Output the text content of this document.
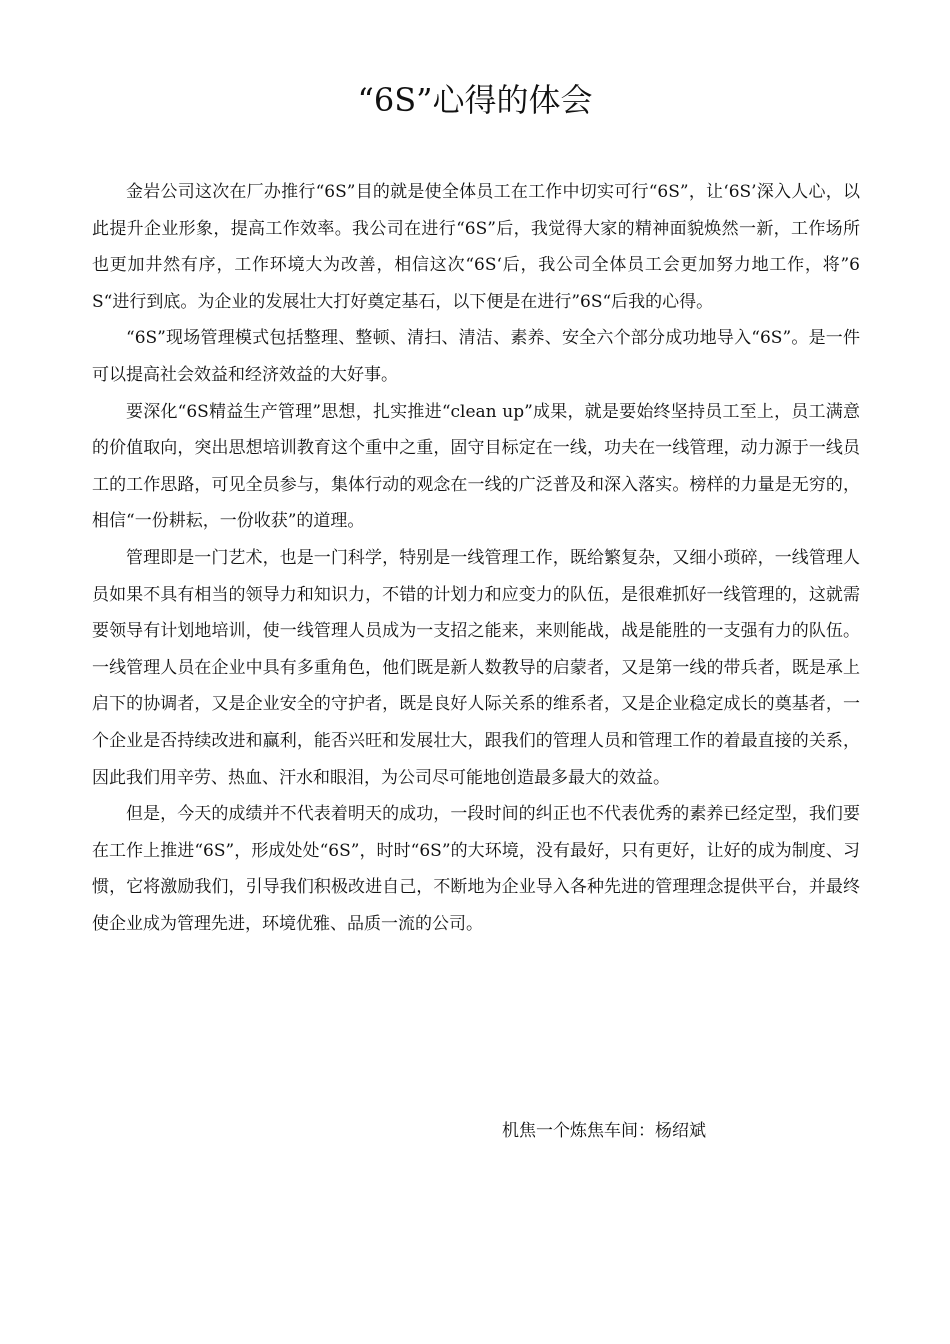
“6S”心得的体会

金岩公司这次在厂办推行“6S”目的就是使全体员工在工作中切实可行“6S”，让‘6S’深入人心，以此提升企业形象，提高工作效率。我公司在进行“6S”后，我觉得大家的精神面貌焕然一新，工作场所也更加井然有序，工作环境大为改善，相信这次“6S‘后，我公司全体员工会更加努力地工作，将”6S“进行到底。为企业的发展壮大打好奠定基石，以下便是在进行”6S“后我的心得。

“6S”现场管理模式包括整理、整顿、清扫、清洁、素养、安全六个部分成功地导入“6S”。是一件可以提高社会效益和经济效益的大好事。

要深化“6S精益生产管理”思想，扎实推进“clean up”成果，就是要始终坚持员工至上，员工满意的价值取向，突出思想培训教育这个重中之重，固守目标定在一线，功夫在一线管理，动力源于一线员工的工作思路，可见全员参与，集体行动的观念在一线的广泛普及和深入落实。榜样的力量是无穷的，相信“一份耕耘，一份收获”的道理。

管理即是一门艺术，也是一门科学，特别是一线管理工作，既给繁复杂，又细小琐碎，一线管理人员如果不具有相当的领导力和知识力，不错的计划力和应变力的队伍，是很难抓好一线管理的，这就需要领导有计划地培训，使一线管理人员成为一支招之能来，来则能战，战是能胜的一支强有力的队伍。一线管理人员在企业中具有多重角色，他们既是新人数教导的启蒙者，又是第一线的带兵者，既是承上启下的协调者，又是企业安全的守护者，既是良好人际关系的维系者，又是企业稳定成长的奠基者，一个企业是否持续改进和赢利，能否兴旺和发展壮大，跟我们的管理人员和管理工作的着最直接的关系，因此我们用辛劳、热血、汗水和眼泪，为公司尽可能地创造最多最大的效益。

但是，今天的成绩并不代表着明天的成功，一段时间的纠正也不代表优秀的素养已经定型，我们要在工作上推进“6S”，形成处处“6S”，时时“6S”的大环境，没有最好，只有更好，让好的成为制度、习惯，它将激励我们，引导我们积极改进自己，不断地为企业导入各种先进的管理理念提供平台，并最终使企业成为管理先进，环境优雅、品质一流的公司。

机焦一个炼焦车间：杨绍斌
